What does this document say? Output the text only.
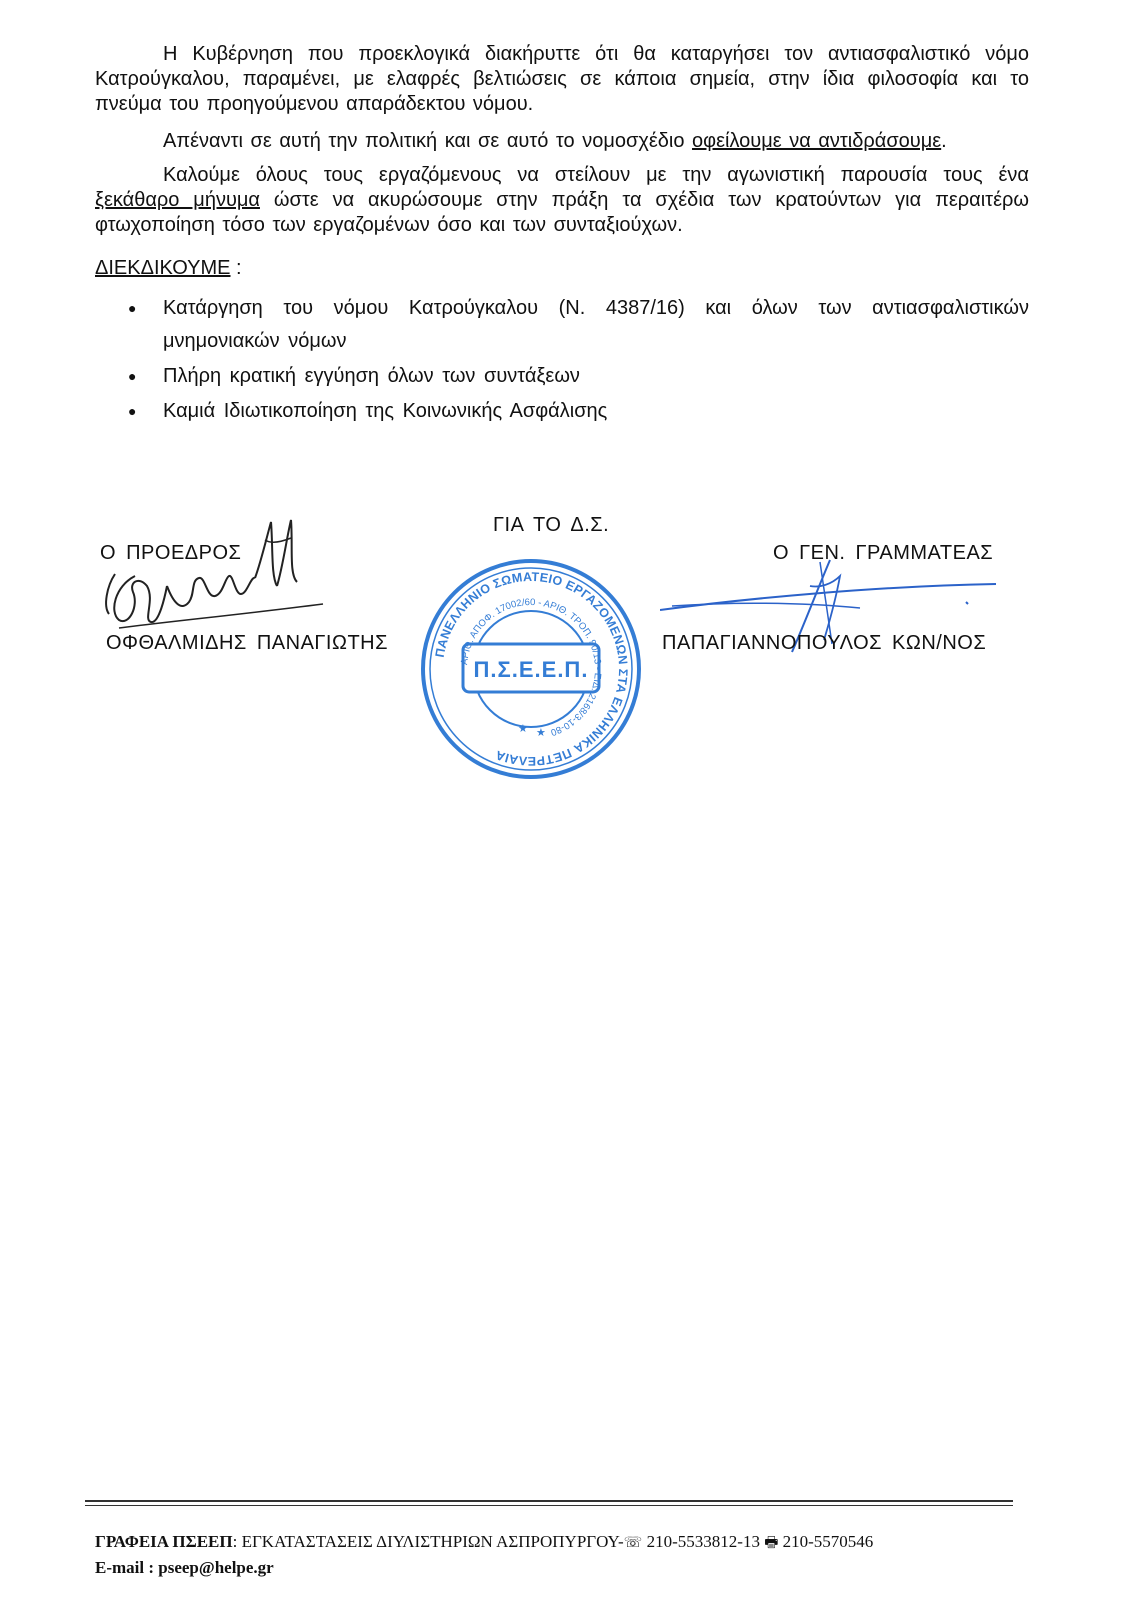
Η Κυβέρνηση που προεκλογικά διακήρυττε ότι θα καταργήσει τον αντιασφαλιστικό νόμο Κατρούγκαλου, παραμένει, με ελαφρές βελτιώσεις σε κάποια σημεία, στην ίδια φιλοσοφία και το πνεύμα του προηγούμενου απαράδεκτου νόμου.
Απέναντι σε αυτή την πολιτική και σε αυτό το νομοσχέδιο οφείλουμε να αντιδράσουμε.
Καλούμε όλους τους εργαζόμενους να στείλουν με την αγωνιστική παρουσία τους ένα ξεκάθαρο μήνυμα ώστε να ακυρώσουμε στην πράξη τα σχέδια των κρατούντων για περαιτέρω φτωχοποίηση τόσο των εργαζομένων όσο και των συνταξιούχων.
ΔΙΕΚΔΙΚΟΥΜΕ :
● Κατάργηση του νόμου Κατρούγκαλου (Ν. 4387/16) και όλων των αντιασφαλιστικών μνημονιακών νόμων
● Πλήρη κρατική εγγύηση όλων των συντάξεων
● Καμιά Ιδιωτικοποίηση της Κοινωνικής Ασφάλισης
Π.Σ.Ε.Ε.Π.
ΠΑΝΕΛΛΗΝΙΟ ΣΩΜΑΤΕΙΟ ΕΡΓΑΖΟΜΕΝΩΝ ΣΤΑ ΕΛΛΗΝΙΚΑ ΠΕΤΡΕΛΑΙΑ
ΑΡΙΘ. ΑΠΟΦ. 17002/60 - ΑΡΙΘ. ΤΡΟΠ. 90/13 - ΕΙΔ. 2168/3-10-80
★ ★
ΓΙΑ ΤΟ Δ.Σ.
Ο ΠΡΟΕΔΡΟΣ	Ο ΓΕΝ. ΓΡΑΜΜΑΤΕΑΣ
ΟΦΘΑΛΜΙΔΗΣ ΠΑΝΑΓΙΩΤΗΣ	ΠΑΠΑΓΙΑΝΝΟΠΟΥΛΟΣ ΚΩΝ/ΝΟΣ
ΓΡΑΦΕΙΑ ΠΣΕΕΠ: ΕΓΚΑΤΑΣΤΑΣΕΙΣ ΔΙΥΛΙΣΤΗΡΙΩΝ ΑΣΠΡΟΠΥΡΓΟΥ-☏ 210-5533812-13 🖶 210-5570546
E-mail : pseep@helpe.gr
